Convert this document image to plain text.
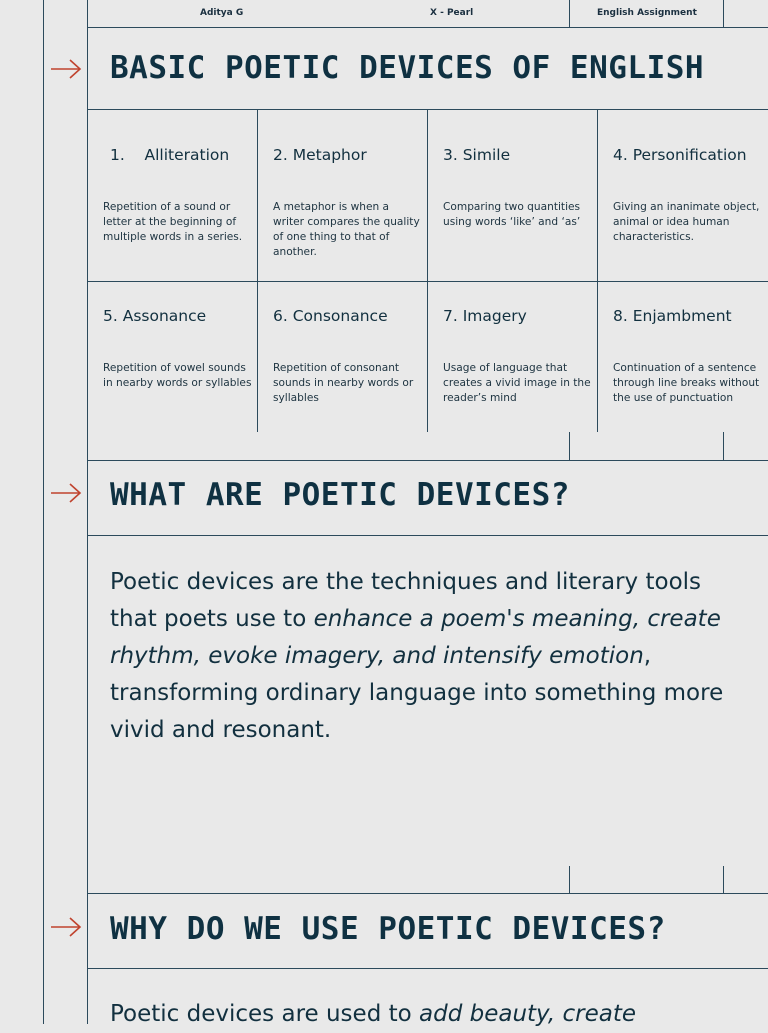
Aditya G	X - Pearl	English Assignment
BASIC POETIC DEVICES OF ENGLISH
1.    Alliteration
Repetition of a sound or letter at the beginning of multiple words in a series.
2. Metaphor
A metaphor is when a writer compares the quality of one thing to that of another.
3. Simile
Comparing two quantities using words ‘like’ and ‘as’
4. Personification
Giving an inanimate object, animal or idea human characteristics.
5. Assonance
Repetition of vowel sounds in nearby words or syllables
6. Consonance
Repetition of consonant sounds in nearby words or syllables
7. Imagery
Usage of language that creates a vivid image in the reader’s mind
8. Enjambment
Continuation of a sentence through line breaks without the use of punctuation
WHAT ARE POETIC DEVICES?

Poetic devices are the techniques and literary tools that poets use to enhance a poem's meaning, create rhythm, evoke imagery, and intensify emotion, transforming ordinary language into something more vivid and resonant.

WHY DO WE USE POETIC DEVICES?

Poetic devices are used to add beauty, create
